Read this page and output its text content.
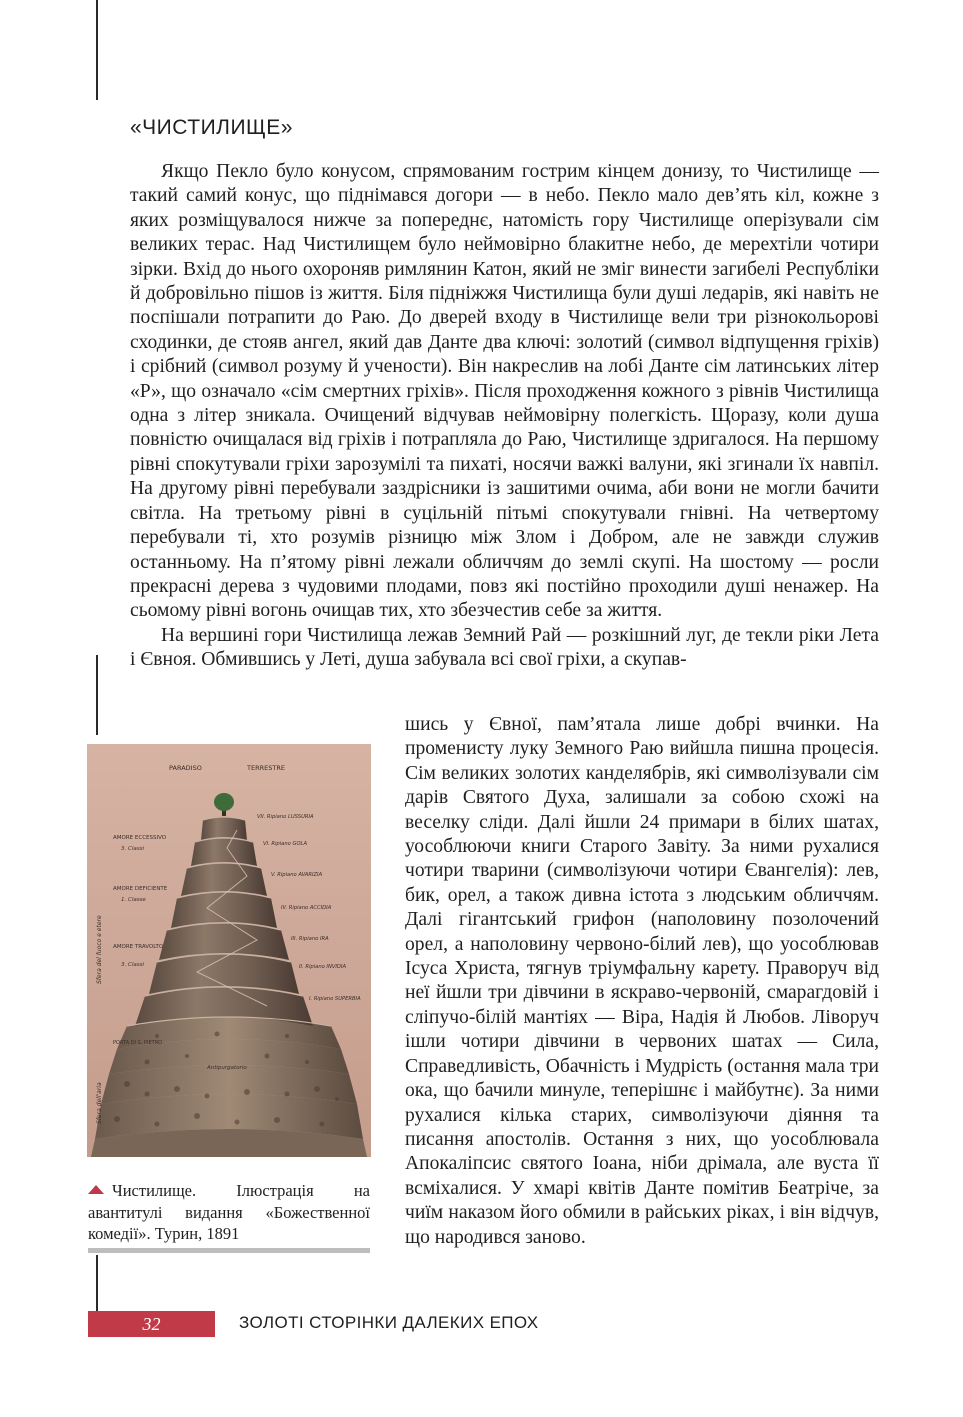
«ЧИСТИЛИЩЕ»

Якщо Пекло було конусом, спрямованим гострим кінцем донизу, то Чистилище — такий самий конус, що піднімався догори — в небо. Пекло мало дев’ять кіл, кожне з яких розміщувалося нижче за попереднє, натомість гору Чистилище оперізували сім великих терас. Над Чистилищем було неймовірно блакитне небо, де мерехтіли чотири зірки. Вхід до нього охороняв римлянин Катон, який не зміг винести загибелі Республіки й добровільно пішов із життя. Біля підніжжя Чистилища були душі ледарів, які навіть не поспішали потрапити до Раю. До дверей входу в Чистилище вели три різнокольорові сходинки, де стояв ангел, який дав Данте два ключі: золотий (символ відпущення гріхів) і срібний (символ розуму й учености). Він накреслив на лобі Данте сім латинських літер «Р», що означало «сім смертних гріхів». Після проходження кожного з рівнів Чистилища одна з літер зникала. Очищений відчував неймовірну полегкість. Щоразу, коли душа повністю очищалася від гріхів і потрапляла до Раю, Чистилище здригалося. На першому рівні спокутували гріхи зарозумілі та пихаті, носячи важкі валуни, які згинали їх навпіл. На другому рівні перебували заздрісники із зашитими очима, аби вони не могли бачити світла. На третьому рівні в суцільній пітьмі спокутували гнівні. На четвертому перебували ті, хто розумів різницю між Злом і Добром, але не завжди служив останньому. На п’ятому рівні лежали обличчям до землі скупі. На шостому — росли прекрасні дерева з чудовими плодами, повз які постійно проходили душі ненажер. На сьомому рівні вогонь очищав тих, хто збезчестив себе за життя.

На вершині гори Чистилища лежав Земний Рай — розкішний луг, де текли ріки Лета і Євноя. Обмившись у Леті, душа забувала всі свої гріхи, а скупав-

шись у Євної, пам’ятала лише добрі вчинки. На променисту луку Земного Раю вийшла пишна процесія. Сім великих золотих канделябрів, які символізували сім дарів Святого Духа, залишали за собою схожі на веселку сліди. Далі йшли 24 примари в білих шатах, уособлюючи книги Старого Завіту. За ними рухалися чотири тварини (символізуючи чотири Євангелія): лев, бик, орел, а також дивна істота з людським обличчям. Далі гігантський грифон (наполовину позолочений орел, а наполовину червоно-білий лев), що уособлював Ісуса Христа, тягнув тріумфальну карету. Праворуч від неї йшли три дівчини в яскраво-червоній, смарагдовій і сліпучо-білій мантіях — Віра, Надія й Любов. Ліворуч ішли чотири дівчини в червоних шатах — Сила, Справедливість, Обачність і Мудрість (остання мала три ока, що бачили минуле, теперішнє і майбутнє). За ними рухалися кілька старих, символізуючи діяння та писання апостолів. Остання з них, що уособлювала Апокаліпсис святого Іоана, ніби дрімала, але вуста її всміхалися. У хмарі квітів Данте помітив Беатріче, за чиїм наказом його обмили в райських ріках, і він відчув, що народився заново.

PARADISO	TERRESTRE
AMORE ECCESSIVO
3. Classi
AMORE DEFICIENTE
1. Classe
AMORE TRAVOLTO
3. Classi
PORTA DI S. PIETRO
VII. Ripiano LUSSURIA
VI. Ripiano GOLA
V. Ripiano AVARIZIA
IV. Ripiano ACCIDIA
III. Ripiano IRA
II. Ripiano INVIDIA
I. Ripiano SUPERBIA
Sfera del fuoco e etere
Sfera dell'aria
Antipurgatorio
Чистилище. Ілюстрація на авантитулі видання «Божественної комедії». Турин, 1891
32	ЗОЛОТІ СТОРІНКИ ДАЛЕКИХ ЕПОХ
